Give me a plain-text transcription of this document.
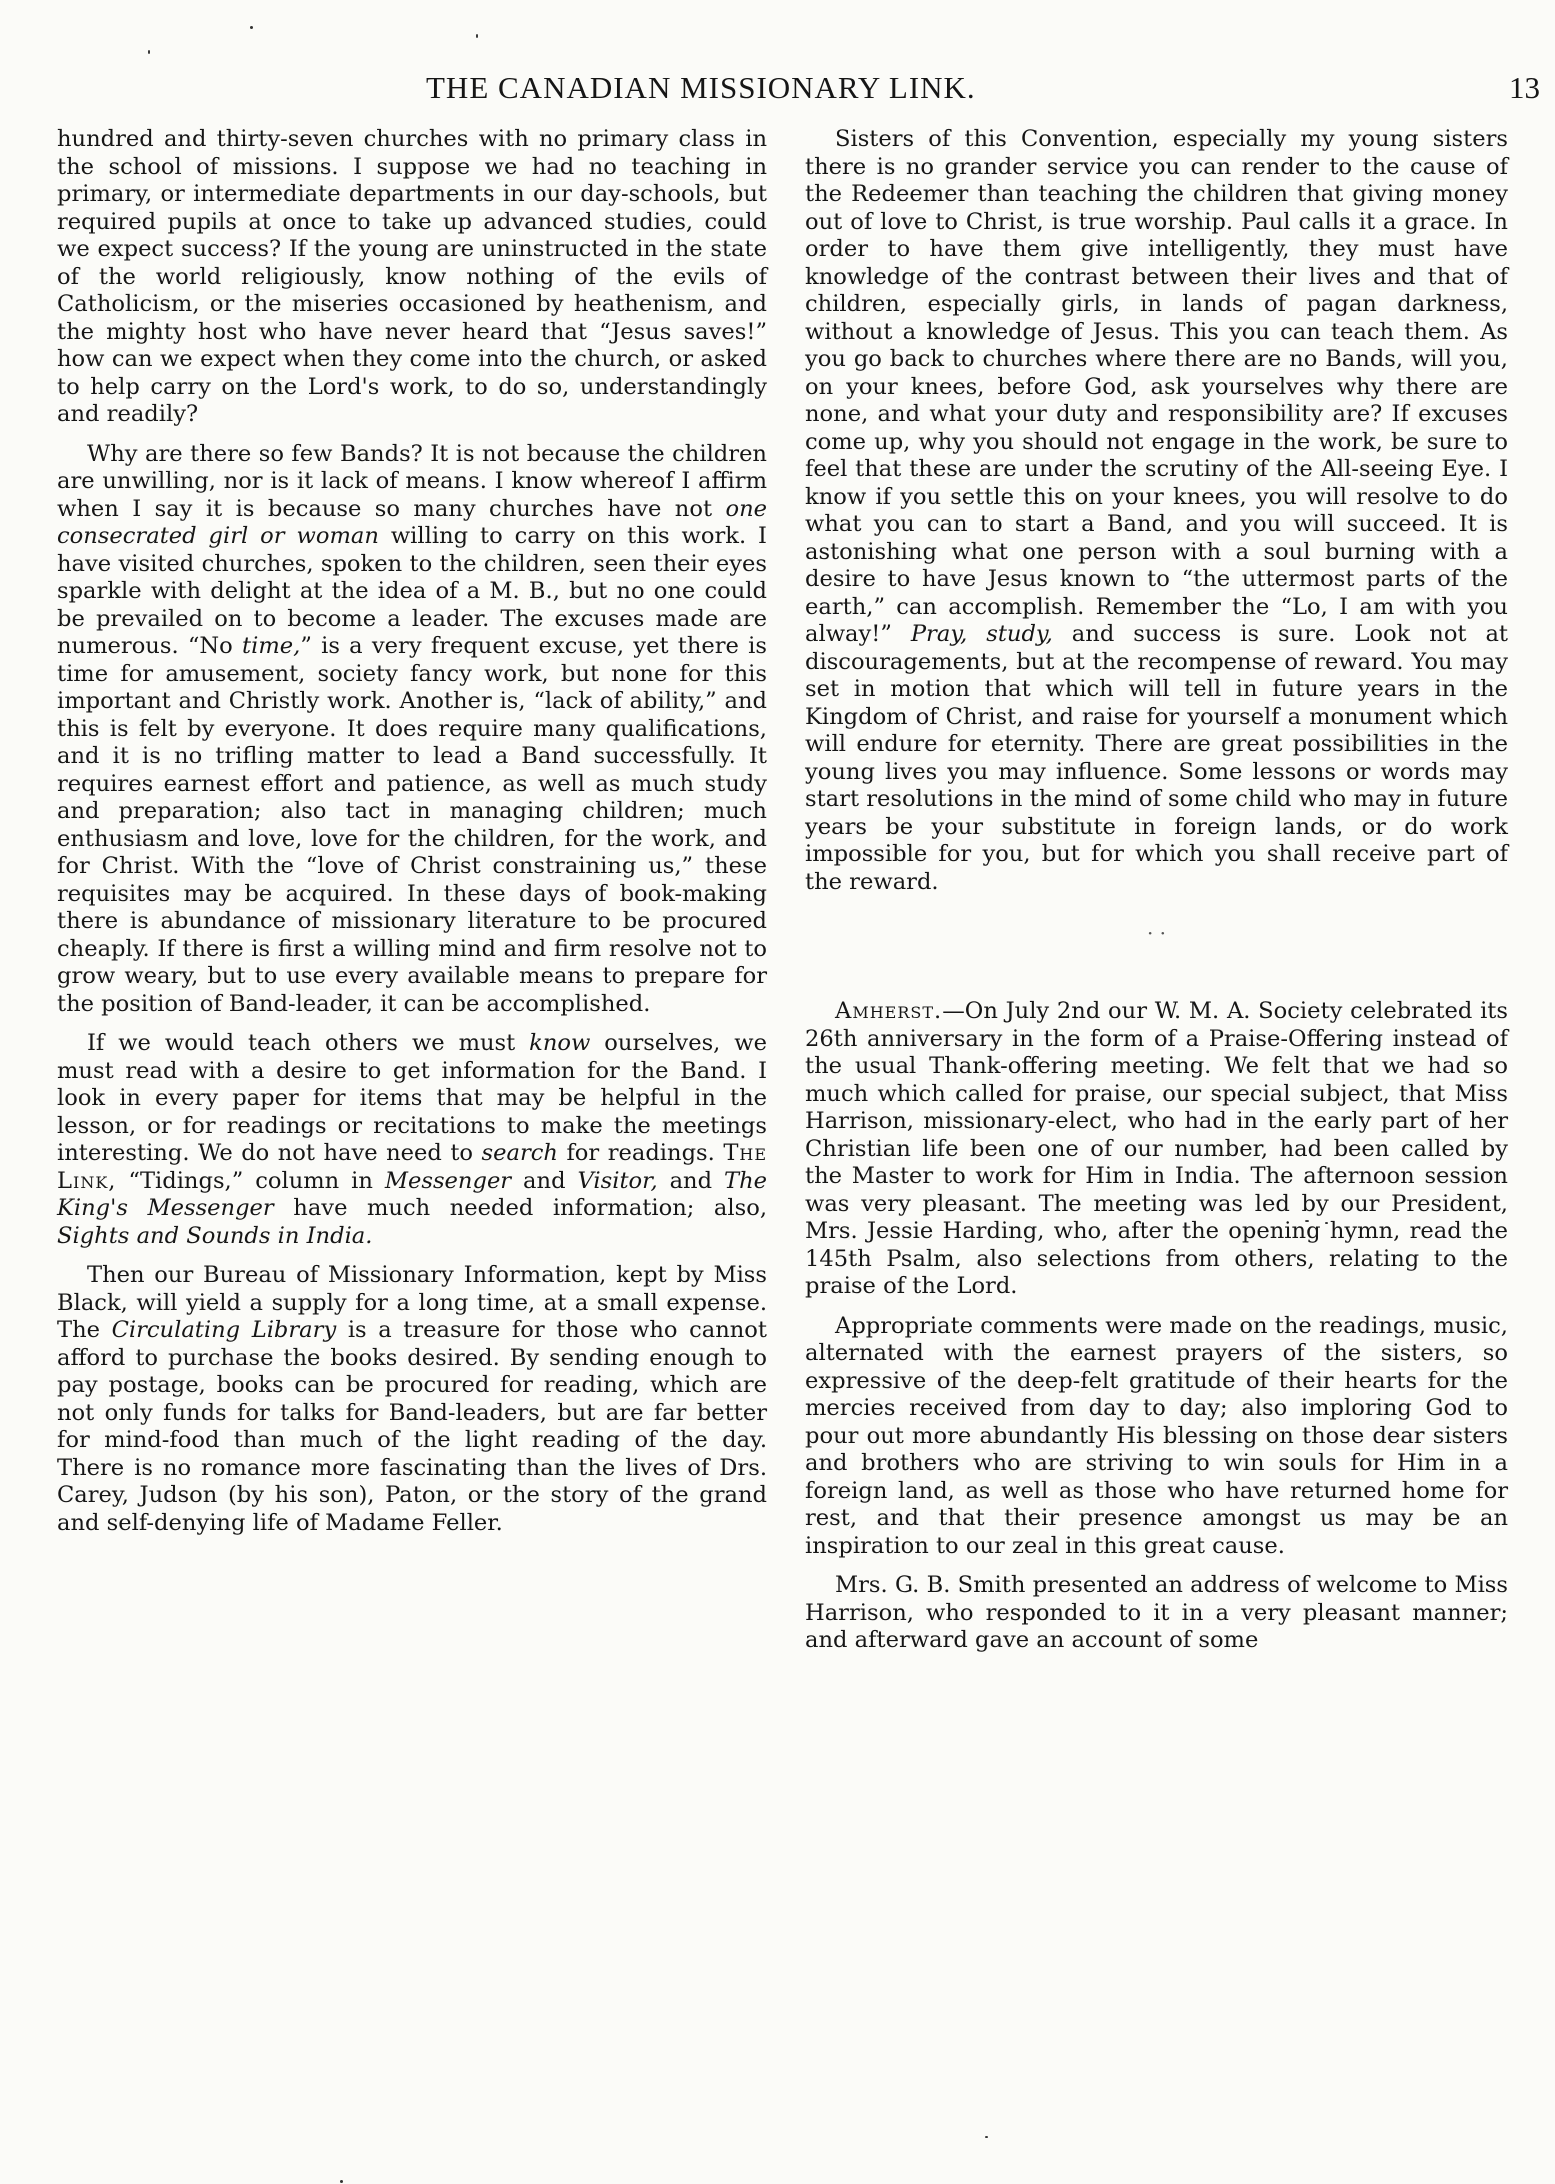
THE CANADIAN MISSIONARY LINK.	13

hundred and thirty-seven churches with no primary class in the school of missions. I suppose we had no teaching in primary, or intermediate departments in our day-schools, but required pupils at once to take up advanced studies, could we expect success? If the young are uninstructed in the state of the world religiously, know nothing of the evils of Catholicism, or the miseries occasioned by heathenism, and the mighty host who have never heard that “Jesus saves!” how can we expect when they come into the church, or asked to help carry on the Lord's work, to do so, understandingly and readily?

Why are there so few Bands? It is not because the children are unwilling, nor is it lack of means. I know whereof I affirm when I say it is because so many churches have not one consecrated girl or woman willing to carry on this work. I have visited churches, spoken to the children, seen their eyes sparkle with delight at the idea of a M. B., but no one could be prevailed on to become a leader. The excuses made are numerous. “No time,” is a very frequent excuse, yet there is time for amusement, society fancy work, but none for this important and Christly work. Another is, “lack of ability,” and this is felt by everyone. It does require many qualifications, and it is no trifling matter to lead a Band successfully. It requires earnest effort and patience, as well as much study and preparation; also tact in managing children; much enthusiasm and love, love for the children, for the work, and for Christ. With the “love of Christ constraining us,” these requisites may be acquired. In these days of book-making there is abundance of missionary literature to be procured cheaply. If there is first a willing mind and firm resolve not to grow weary, but to use every available means to prepare for the position of Band-leader, it can be accomplished.

If we would teach others we must know ourselves, we must read with a desire to get information for the Band. I look in every paper for items that may be helpful in the lesson, or for readings or recitations to make the meetings interesting. We do not have need to search for readings. The Link, “Tidings,” column in Messenger and Visitor, and The King's Messenger have much needed information; also, Sights and Sounds in India.

Then our Bureau of Missionary Information, kept by Miss Black, will yield a supply for a long time, at a small expense. The Circulating Library is a treasure for those who cannot afford to purchase the books desired. By sending enough to pay postage, books can be procured for reading, which are not only funds for talks for Band-leaders, but are far better for mind-food than much of the light reading of the day. There is no romance more fascinating than the lives of Drs. Carey, Judson (by his son), Paton, or the story of the grand and self-denying life of Madame Feller.

Sisters of this Convention, especially my young sisters there is no grander service you can render to the cause of the Redeemer than teaching the children that giving money out of love to Christ, is true worship. Paul calls it a grace. In order to have them give intelligently, they must have knowledge of the contrast between their lives and that of children, especially girls, in lands of pagan darkness, without a knowledge of Jesus. This you can teach them. As you go back to churches where there are no Bands, will you, on your knees, before God, ask yourselves why there are none, and what your duty and responsibility are? If excuses come up, why you should not engage in the work, be sure to feel that these are under the scrutiny of the All-seeing Eye. I know if you settle this on your knees, you will resolve to do what you can to start a Band, and you will succeed. It is astonishing what one person with a soul burning with a desire to have Jesus known to “the uttermost parts of the earth,” can accomplish. Remember the “Lo, I am with you alway!” Pray, study, and success is sure. Look not at discouragements, but at the recompense of reward. You may set in motion that which will tell in future years in the Kingdom of Christ, and raise for yourself a monument which will endure for eternity. There are great possibilities in the young lives you may influence. Some lessons or words may start resolutions in the mind of some child who may in future years be your substitute in foreign lands, or do work impossible for you, but for which you shall receive part of the reward.

· ·

Amherst.—On July 2nd our W. M. A. Society celebrated its 26th anniversary in the form of a Praise-Offering instead of the usual Thank-offering meeting. We felt that we had so much which called for praise, our special subject, that Miss Harrison, missionary-elect, who had in the early part of her Christian life been one of our number, had been called by the Master to work for Him in India. The afternoon session was very pleasant. The meeting was led by our President, Mrs. Jessie Harding, who, after the opening hymn, read the 145th Psalm, also selections from others, relating to the praise of the Lord.

Appropriate comments were made on the readings, music, alternated with the earnest prayers of the sisters, so expressive of the deep-felt gratitude of their hearts for the mercies received from day to day; also imploring God to pour out more abundantly His blessing on those dear sisters and brothers who are striving to win souls for Him in a foreign land, as well as those who have returned home for rest, and that their presence amongst us may be an inspiration to our zeal in this great cause.

Mrs. G. B. Smith presented an address of welcome to Miss Harrison, who responded to it in a very pleasant manner; and afterward gave an account of some
